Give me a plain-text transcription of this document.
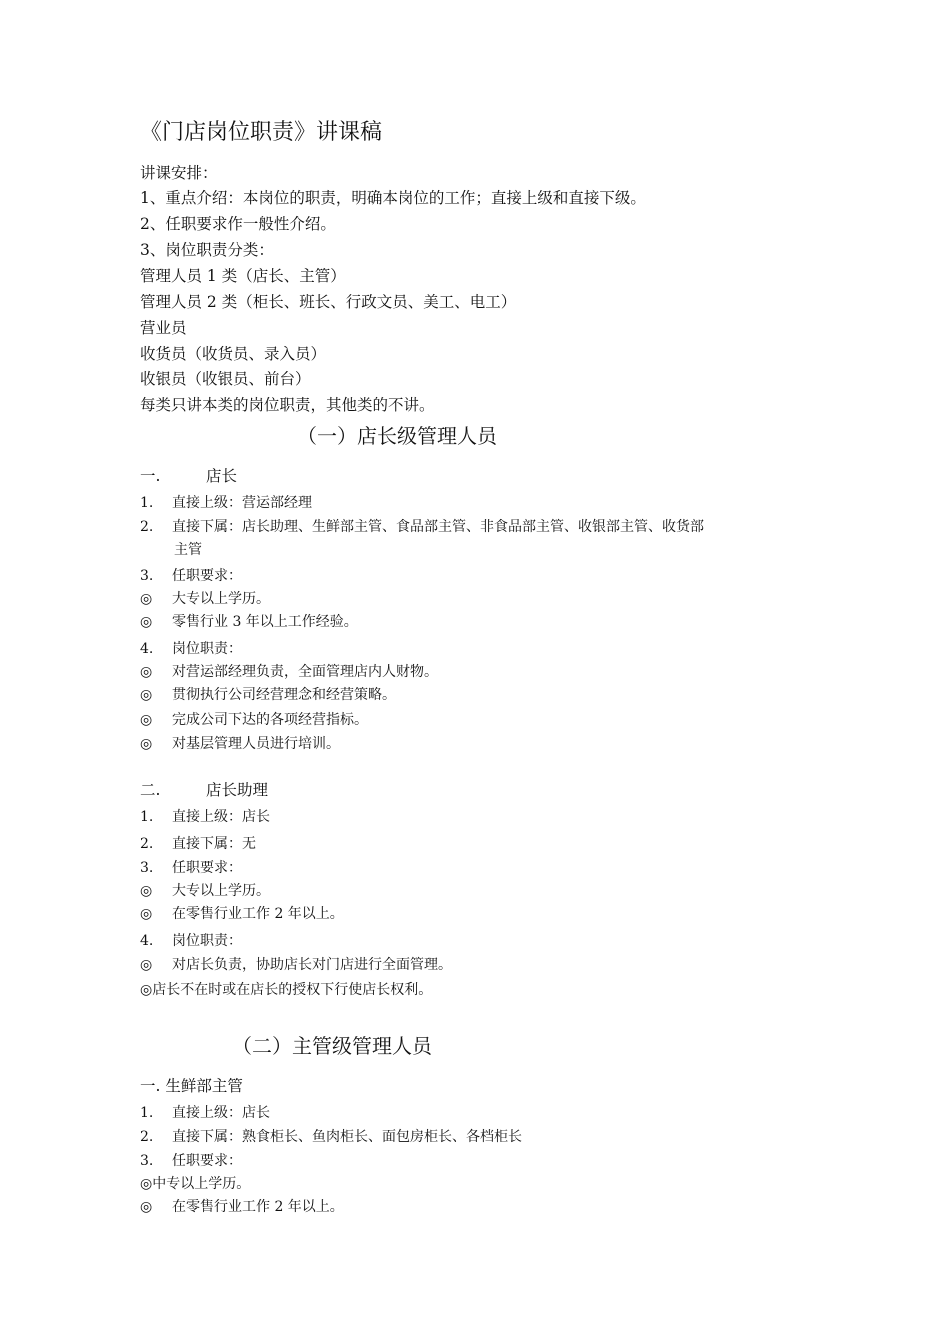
《门店岗位职责》讲课稿
讲课安排：
1、重点介绍：本岗位的职责，明确本岗位的工作；直接上级和直接下级。
2、任职要求作一般性介绍。
3、岗位职责分类：
管理人员 1 类（店长、主管）
管理人员 2 类（柜长、班长、行政文员、美工、电工）
营业员
收货员（收货员、录入员）
收银员（收银员、前台）
每类只讲本类的岗位职责，其他类的不讲。
（一）店长级管理人员
一.	店长
1. 直接上级：营运部经理
2. 直接下属：店长助理、生鲜部主管、食品部主管、非食品部主管、收银部主管、收货部
主管
3. 任职要求：
◎ 大专以上学历。
◎ 零售行业 3 年以上工作经验。
4. 岗位职责：
◎ 对营运部经理负责，全面管理店内人财物。
◎ 贯彻执行公司经营理念和经营策略。
◎ 完成公司下达的各项经营指标。
◎ 对基层管理人员进行培训。
二.	店长助理
1. 直接上级：店长
2. 直接下属：无
3. 任职要求：
◎ 大专以上学历。
◎ 在零售行业工作 2 年以上。
4. 岗位职责：
◎ 对店长负责，协助店长对门店进行全面管理。
◎店长不在时或在店长的授权下行使店长权利。
（二）主管级管理人员
一. 生鲜部主管
1. 直接上级：店长
2. 直接下属：熟食柜长、鱼肉柜长、面包房柜长、各档柜长
3. 任职要求：
◎中专以上学历。
◎ 在零售行业工作 2 年以上。
